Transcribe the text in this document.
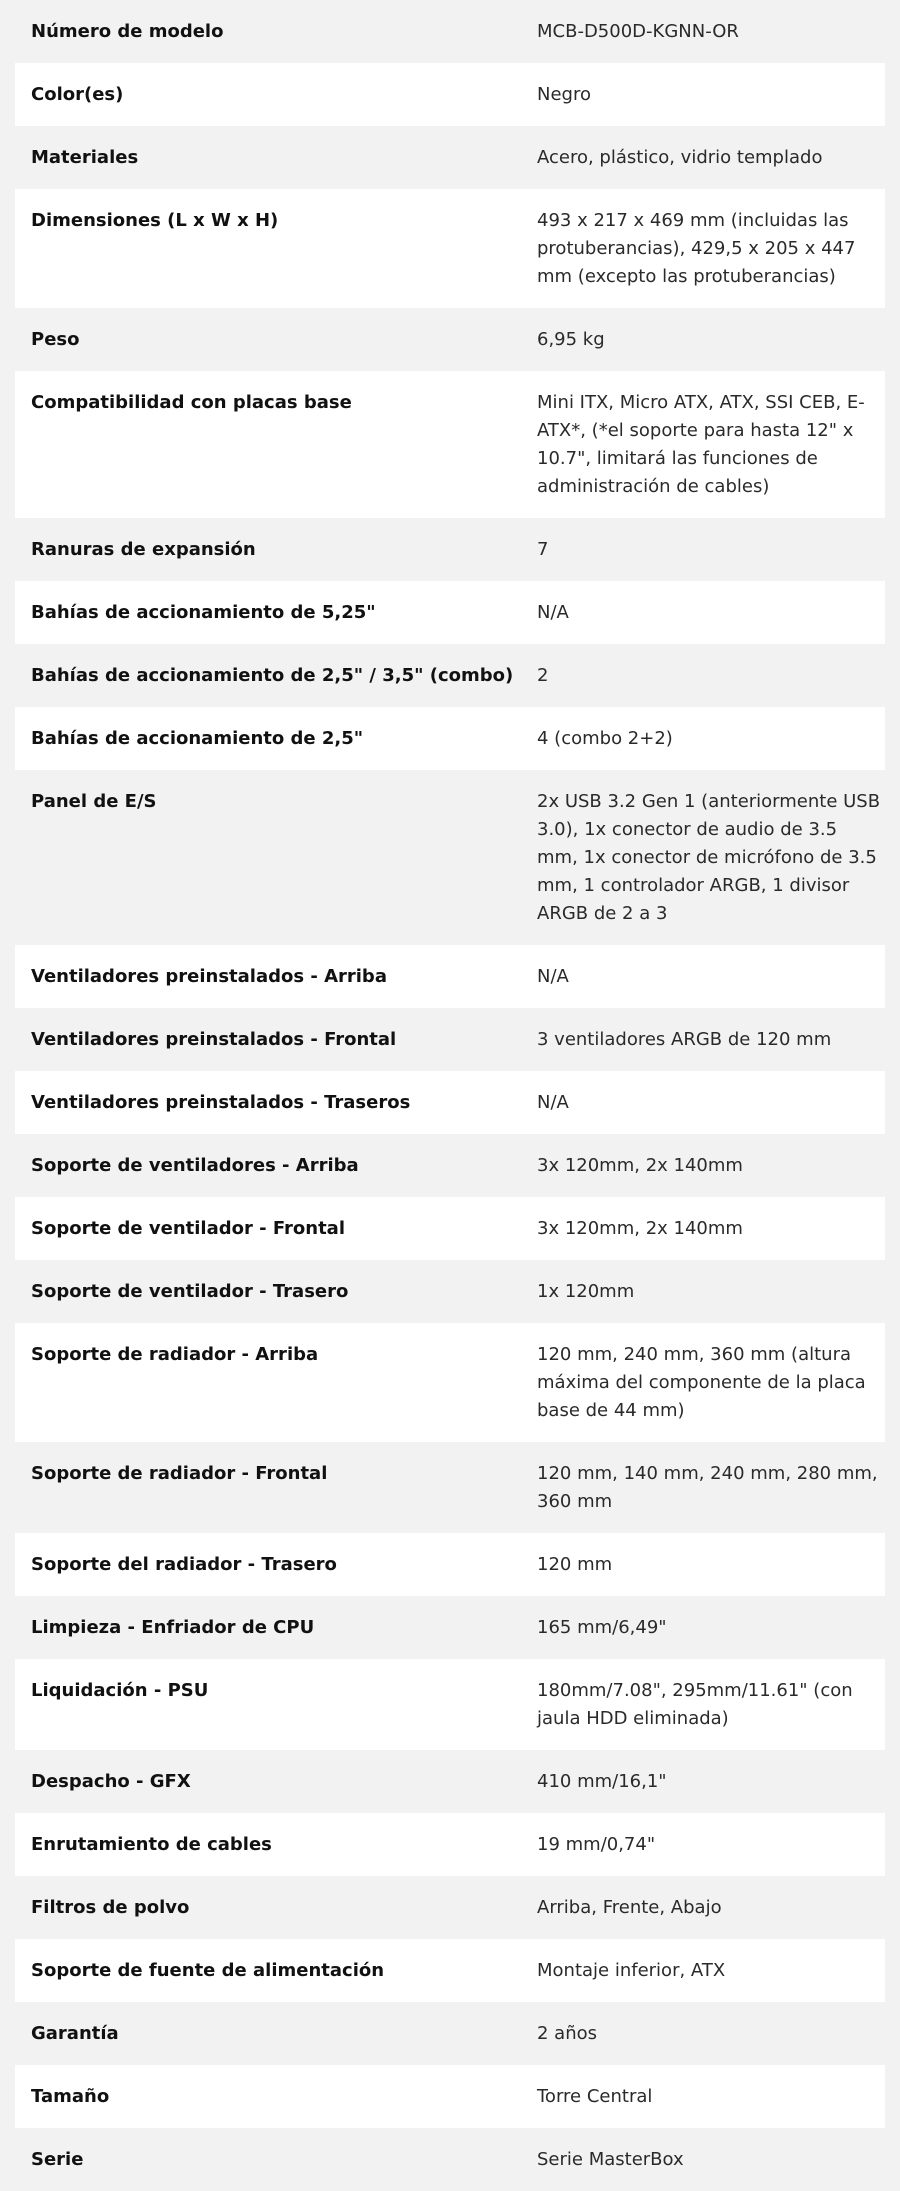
Número de modelo	MCB-D500D-KGNN-OR
Color(es)	Negro
Materiales	Acero, plástico, vidrio templado
Dimensiones (L x W x H)	493 x 217 x 469 mm (incluidas las protuberancias), 429,5 x 205 x 447 mm (excepto las protuberancias)
Peso	6,95 kg
Compatibilidad con placas base	Mini ITX, Micro ATX, ATX, SSI CEB, E-ATX*, (*el soporte para hasta 12" x 10.7", limitará las funciones de administración de cables)
Ranuras de expansión	7
Bahías de accionamiento de 5,25"	N/A
Bahías de accionamiento de 2,5" / 3,5" (combo)	2
Bahías de accionamiento de 2,5"	4 (combo 2+2)
Panel de E/S	2x USB 3.2 Gen 1 (anteriormente USB 3.0), 1x conector de audio de 3.5 mm, 1x conector de micrófono de 3.5 mm, 1 controlador ARGB, 1 divisor ARGB de 2 a 3
Ventiladores preinstalados - Arriba	N/A
Ventiladores preinstalados - Frontal	3 ventiladores ARGB de 120 mm
Ventiladores preinstalados - Traseros	N/A
Soporte de ventiladores - Arriba	3x 120mm, 2x 140mm
Soporte de ventilador - Frontal	3x 120mm, 2x 140mm
Soporte de ventilador - Trasero	1x 120mm
Soporte de radiador - Arriba	120 mm, 240 mm, 360 mm (altura máxima del componente de la placa base de 44 mm)
Soporte de radiador - Frontal	120 mm, 140 mm, 240 mm, 280 mm, 360 mm
Soporte del radiador - Trasero	120 mm
Limpieza - Enfriador de CPU	165 mm/6,49"
Liquidación - PSU	180mm/7.08", 295mm/11.61" (con jaula HDD eliminada)
Despacho - GFX	410 mm/16,1"
Enrutamiento de cables	19 mm/0,74"
Filtros de polvo	Arriba, Frente, Abajo
Soporte de fuente de alimentación	Montaje inferior, ATX
Garantía	2 años
Tamaño	Torre Central
Serie	Serie MasterBox
